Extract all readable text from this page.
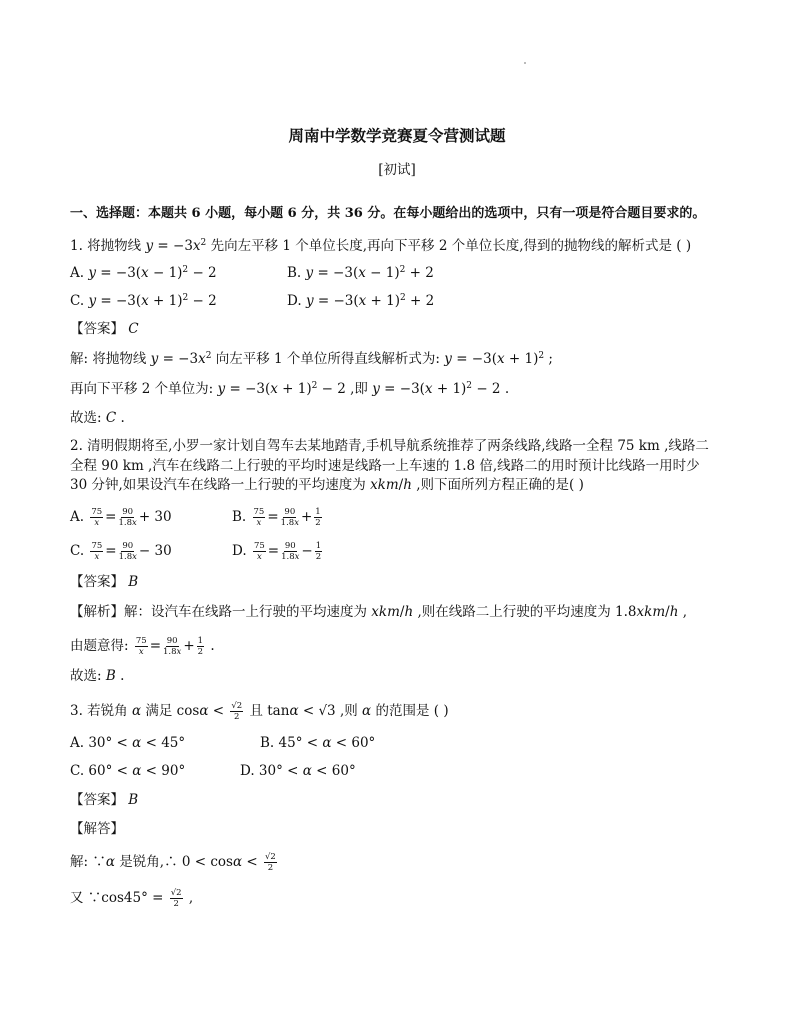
周南中学数学竞赛夏令营测试题
[初试]
一、选择题：本题共 6 小题，每小题 6 分，共 36 分。在每小题给出的选项中，只有一项是符合题目要求的。
1. 将抛物线 $y = -3x^2$ 先向左平移 1 个单位长度,再向下平移 2 个单位长度,得到的抛物线的解析式是 ( )
A. $y = -3(x - 1)^2 - 2$	B. $y = -3(x - 1)^2 + 2$
C. $y = -3(x + 1)^2 - 2$	D. $y = -3(x + 1)^2 + 2$
【答案】 C
解: 将抛物线 $y = -3x^2$ 向左平移 1 个单位所得直线解析式为: $y = -3(x + 1)^2$ ;
再向下平移 2 个单位为: $y = -3(x + 1)^2 - 2$ ,即 $y = -3(x + 1)^2 - 2$ .
故选: C .
2. 清明假期将至,小罗一家计划自驾车去某地踏青,手机导航系统推荐了两条线路,线路一全程 75 km ,线路二
全程 90 km ,汽车在线路二上行驶的平均时速是线路一上车速的 1.8 倍,线路二的用时预计比线路一用时少
30 分钟,如果设汽车在线路一上行驶的平均速度为 xkm/h ,则下面所列方程正确的是( )
A. $\frac{75}{x} = \frac{90}{1.8x} + 30$	B. $\frac{75}{x} = \frac{90}{1.8x} + \frac{1}{2}$
C. $\frac{75}{x} = \frac{90}{1.8x} - 30$	D. $\frac{75}{x} = \frac{90}{1.8x} - \frac{1}{2}$
【答案】 B
【解析】解：设汽车在线路一上行驶的平均速度为 xkm/h ,则在线路二上行驶的平均速度为 1.8xkm/h ,
由题意得: $\frac{75}{x} = \frac{90}{1.8x} + \frac{1}{2}$ .
故选: B .
3. 若锐角 α 满足 $\cos\alpha < \frac{√2}{2}$ 且 tanα < √3 ,则 α 的范围是 ( )
A. 30° < α < 45°	B. 45° < α < 60°
C. 60° < α < 90°	D. 30° < α < 60°
【答案】 B
【解答】
解: ∵α 是锐角,∴ $0 < \cos\alpha < \frac{√2}{2}$
又 ∵cos45° = $\frac{√2}{2}$ ,
